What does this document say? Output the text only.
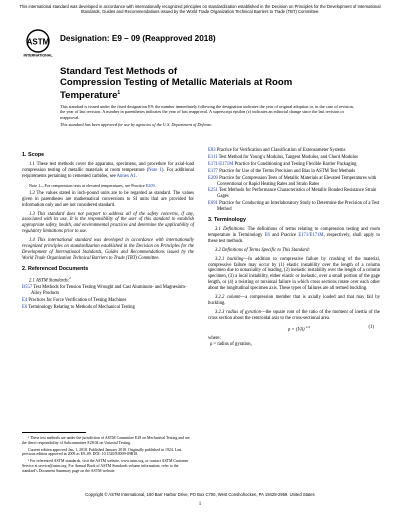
This international standard was developed in accordance with internationally recognized principles on standardization established in the Decision on Principles for the Development of International Standards, Guides and Recommendations issued by the World Trade Organization Technical Barriers to Trade (TBT) Committee.
ASTM
INTERNATIONAL
Designation: E9 – 09 (Reapproved 2018)
Standard Test Methods of
Compression Testing of Metallic Materials at Room
Temperature$^1$

This standard is issued under the fixed designation E9; the number immediately following the designation indicates the year of original adoption or, in the case of revision, the year of last revision. A number in parentheses indicates the year of last reapproval. A superscript epsilon (ε) indicates an editorial change since the last revision or reapproval.

This standard has been approved for use by agencies of the U.S. Department of Defense.

1. Scope

1.1 These test methods cover the apparatus, specimens, and procedure for axial-load compression testing of metallic materials at room temperature (Note 1). For additional requirements pertaining to cemented carbides, see Annex A1.

Note 1—For compression tests at elevated temperatures, see Practice E209.

1.2 The values stated in inch-pound units are to be regarded as standard. The values given in parentheses are mathematical conversions to SI units that are provided for information only and are not considered standard.

1.3 This standard does not purport to address all of the safety concerns, if any, associated with its use. It is the responsibility of the user of this standard to establish appropriate safety, health, and environmental practices and determine the applicability of regulatory limitations prior to use.

1.4 This international standard was developed in accordance with internationally recognized principles on standardization established in the Decision on Principles for the Development of International Standards, Guides and Recommendations issued by the World Trade Organization Technical Barriers to Trade (TBT) Committee.

2. Referenced Documents

2.1 ASTM Standards:$^2$

B557 Test Methods for Tension Testing Wrought and Cast Aluminum- and Magnesium-Alloy Products
E4 Practices for Force Verification of Testing Machines
E6 Terminology Relating to Methods of Mechanical Testing

¹ These test methods are under the jurisdiction of ASTM Committee E28 on Mechanical Testing and are the direct responsibility of Subcommittee E28.04 on Uniaxial Testing.

Current edition approved Jan. 1, 2018. Published January 2018. Originally published in 1924. Last previous edition approved in 2009 as E9–09. DOI: 10.1520/E0009-09R18.

² For referenced ASTM standards, visit the ASTM website, www.astm.org, or contact ASTM Customer Service at service@astm.org. For Annual Book of ASTM Standards volume information, refer to the standard’s Document Summary page on the ASTM website.

E83 Practice for Verification and Classification of Extensometer Systems
E111 Test Method for Young’s Modulus, Tangent Modulus, and Chord Modulus
E171/E171M Practice for Conditioning and Testing Flexible Barrier Packaging
E177 Practice for Use of the Terms Precision and Bias in ASTM Test Methods
E209 Practice for Compression Tests of Metallic Materials at Elevated Temperatures with Conventional or Rapid Heating Rates and Strain Rates
E251 Test Methods for Performance Characteristics of Metallic Bonded Resistance Strain Gages
E691 Practice for Conducting an Interlaboratory Study to Determine the Precision of a Test Method
3. Terminology

3.1 Definitions: The definitions of terms relating to compression testing and room temperature in Terminology E6 and Practice E171/E171M, respectively, shall apply to these test methods.

3.2 Definitions of Terms Specific to This Standard:

3.2.1 buckling—In addition to compressive failure by crushing of the material, compressive failure may occur by (1) elastic instability over the length of a column specimen due to nonaxiality of loading, (2) inelastic instability over the length of a column specimen, (3) a local instability, either elastic or inelastic, over a small portion of the gage length, or (4) a twisting or torsional failure in which cross sections rotate over each other about the longitudinal specimen axis. These types of failures are all termed buckling.

3.2.2 column—a compression member that is axially loaded and that may fail by buckling.

3.2.3 radius of gyration—the square root of the ratio of the moment of inertia of the cross section about the centroidal axis to the cross-sectional area.

ρ = (I/A) $^{1/2}$	(1)
where:
ρ = radius of gyration,
Copyright © ASTM International, 100 Barr Harbor Drive, PO Box C700, West Conshohocken, PA 19428-2959. United States
1
